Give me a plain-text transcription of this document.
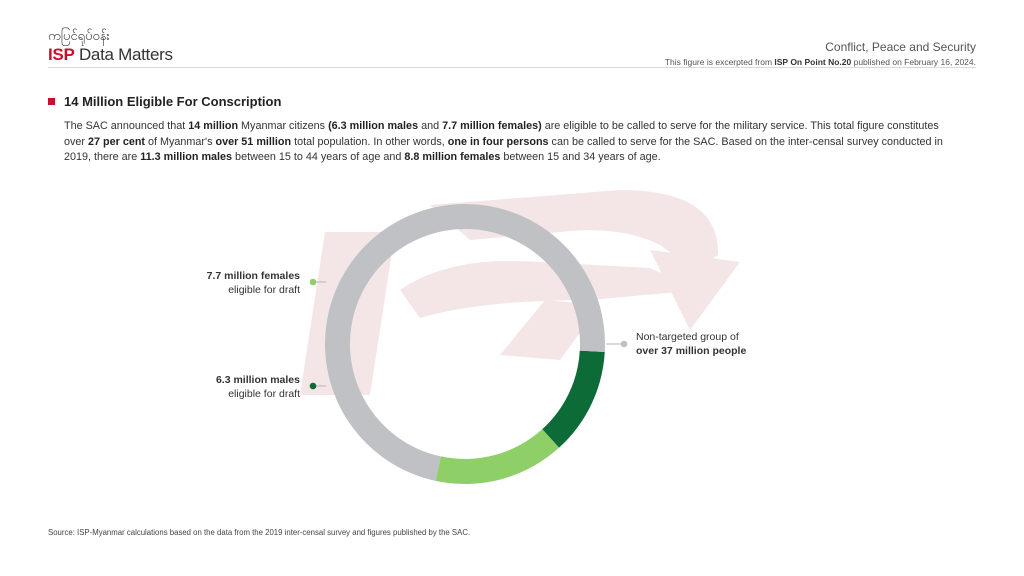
ကပြင်ရုပ်ဝန်း
ISP Data Matters	Conflict, Peace and Security
This figure is excerpted from ISP On Point No.20 published on February 16, 2024.
14 Million Eligible For Conscription

The SAC announced that 14 million Myanmar citizens (6.3 million males and 7.7 million females) are eligible to be called to serve for the military service. This total figure constitutes over 27 per cent of Myanmar's over 51 million total population. In other words, one in four persons can be called to serve for the SAC. Based on the inter-censal survey conducted in 2019, there are 11.3 million males between 15 to 44 years of age and 8.8 million females between 15 and 34 years of age.

7.7 million females
eligible for draft
6.3 million males
eligible for draft
Non-targeted group of
over 37 million people
Source: ISP-Myanmar calculations based on the data from the 2019 inter-censal survey and figures published by the SAC.
